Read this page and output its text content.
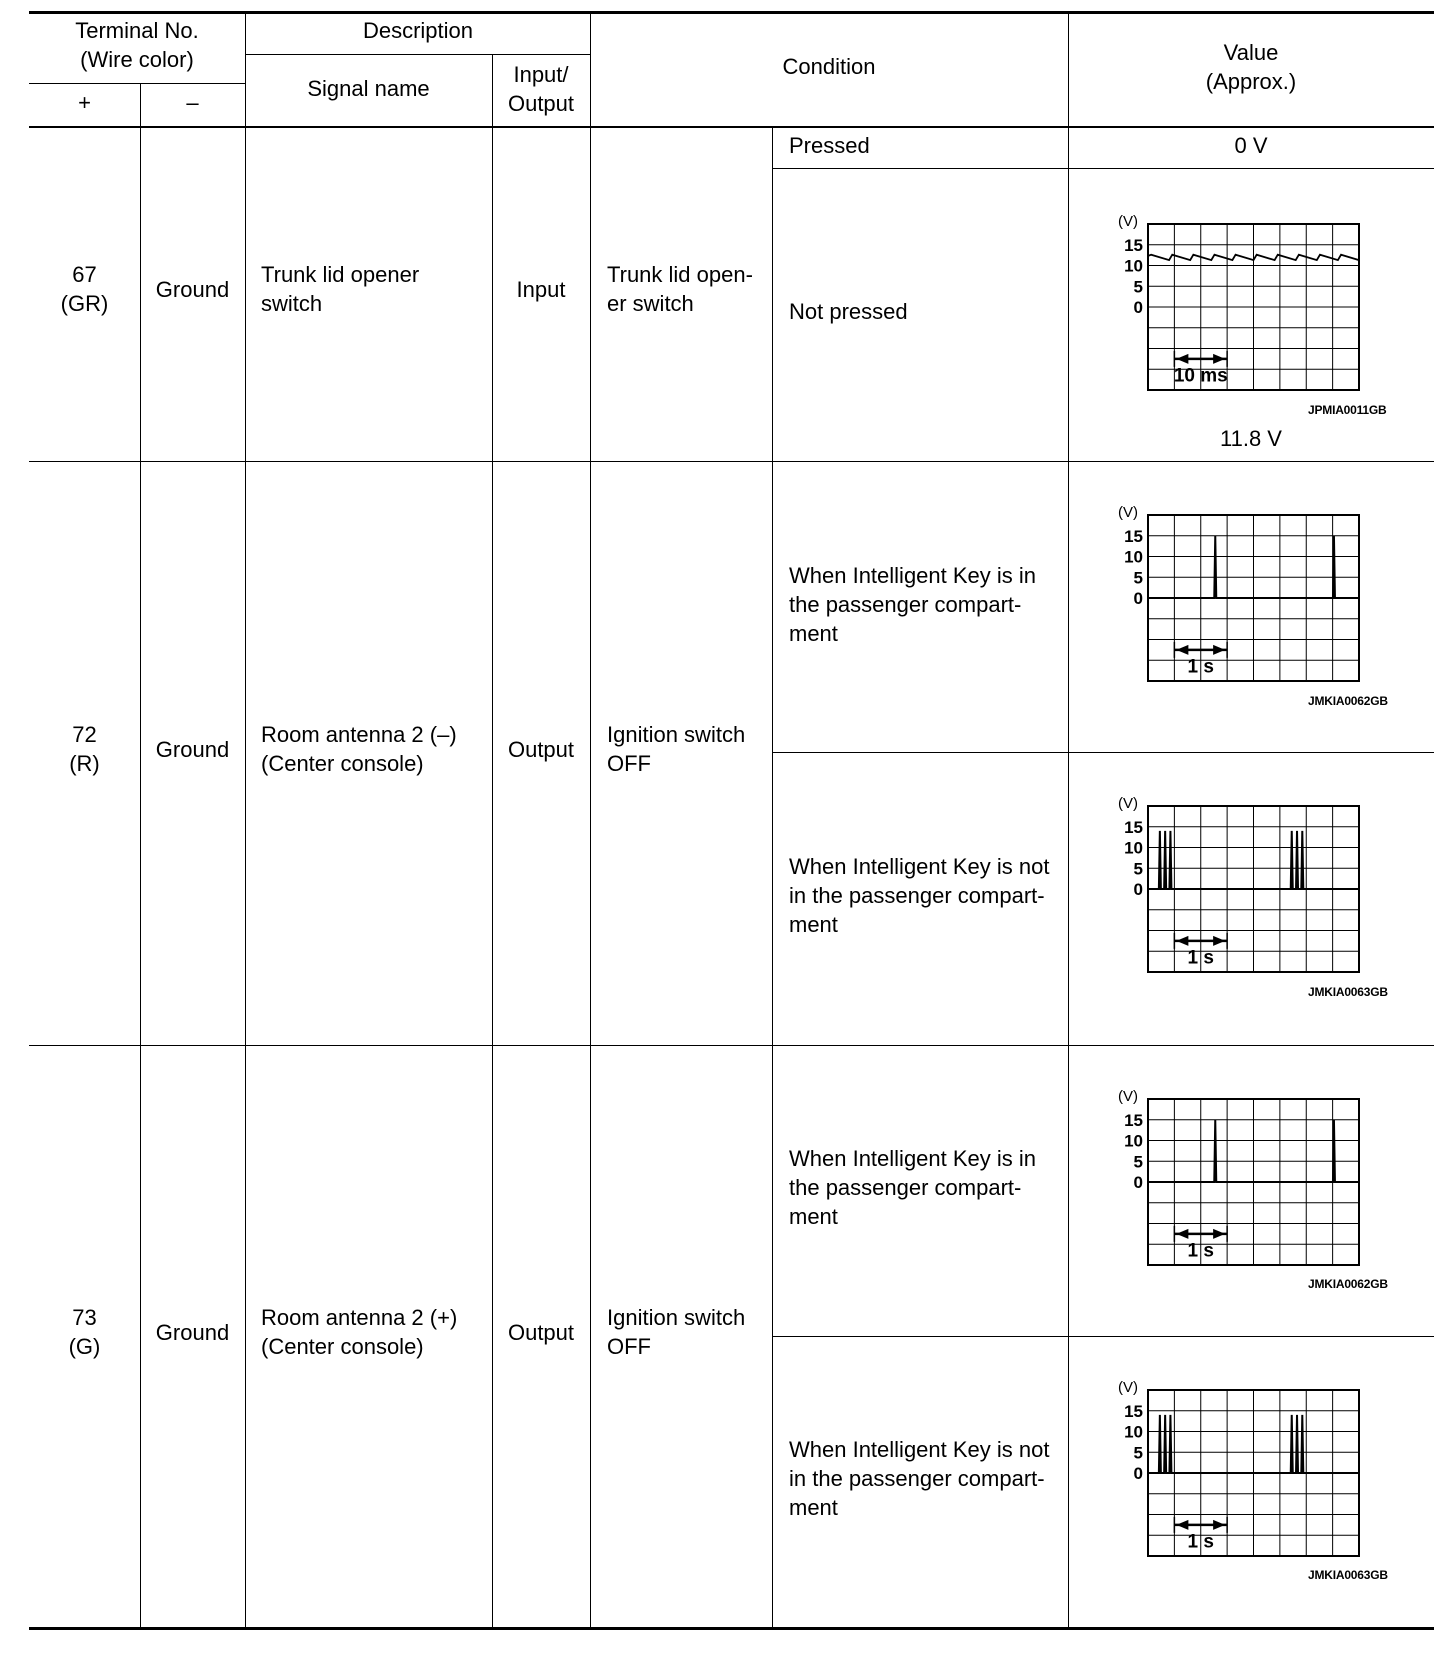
Terminal No.
(Wire color)
+	–
Description
Signal name
Input/
Output
Condition
Value
(Approx.)
67
(GR)
Ground
Trunk lid opener
switch
Input
Trunk lid open-
er switch
Pressed	0 V
Not pressed
(V)
15
10
5
0
10 ms
JPMIA0011GB
11.8 V
72
(R)
Ground
Room antenna 2 (–)
(Center console)
Output
Ignition switch
OFF
When Intelligent Key is in
the passenger compart-
ment
(V)
15
10
5
0
1 s
JMKIA0062GB
When Intelligent Key is not
in the passenger compart-
ment
(V)
15
10
5
0
1 s
JMKIA0063GB
73
(G)
Ground
Room antenna 2 (+)
(Center console)
Output
Ignition switch
OFF
When Intelligent Key is in
the passenger compart-
ment
(V)
15
10
5
0
1 s
JMKIA0062GB
When Intelligent Key is not
in the passenger compart-
ment
(V)
15
10
5
0
1 s
JMKIA0063GB
